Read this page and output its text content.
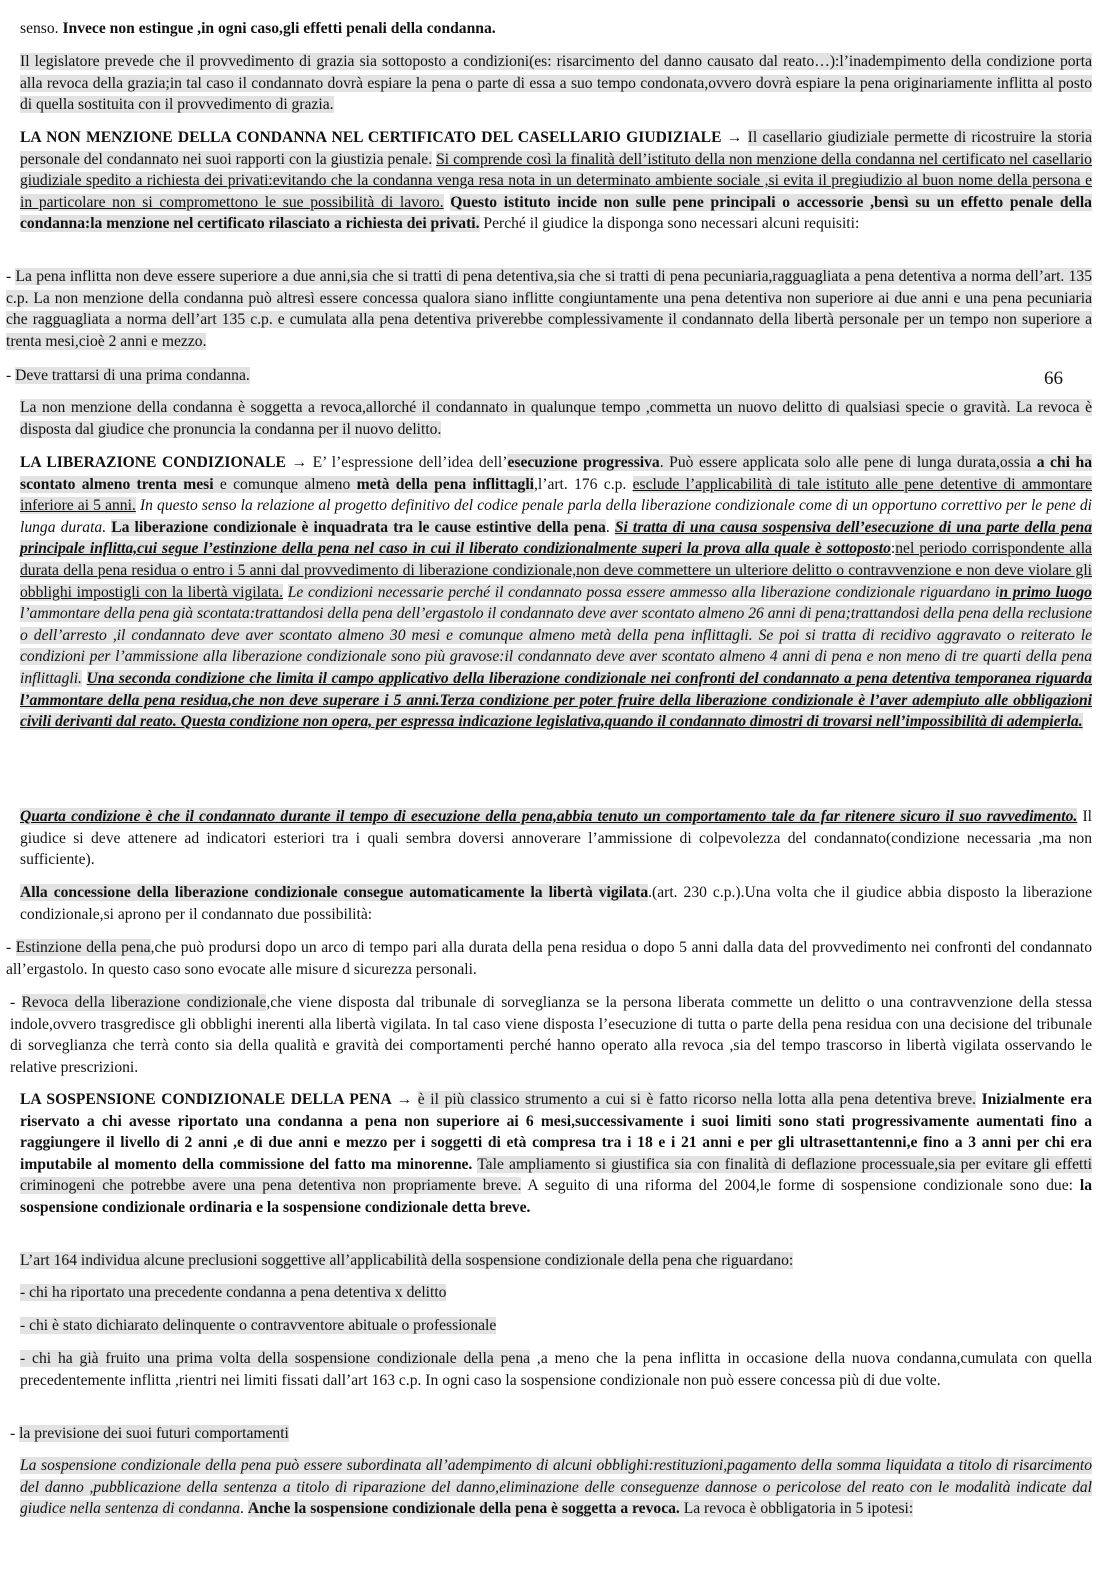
66
senso. Invece non estingue ,in ogni caso,gli effetti penali della condanna.
Il legislatore prevede che il provvedimento di grazia sia sottoposto a condizioni(es: risarcimento del danno causato dal reato…):l’inadempimento della condizione porta alla revoca della grazia;in tal caso il condannato dovrà espiare la pena o parte di essa a suo tempo condonata,ovvero dovrà espiare la pena originariamente inflitta al posto di quella sostituita con il provvedimento di grazia.
LA NON MENZIONE DELLA CONDANNA NEL CERTIFICATO DEL CASELLARIO GIUDIZIALE → Il casellario giudiziale permette di ricostruire la storia personale del condannato nei suoi rapporti con la giustizia penale. Si comprende così la finalità dell’istituto della non menzione della condanna nel certificato nel casellario giudiziale spedito a richiesta dei privati:evitando che la condanna venga resa nota in un determinato ambiente sociale ,si evita il pregiudizio al buon nome della persona e in particolare non si compromettono le sue possibilità di lavoro. Questo istituto incide non sulle pene principali o accessorie ,bensì su un effetto penale della condanna:la menzione nel certificato rilasciato a richiesta dei privati. Perché il giudice la disponga sono necessari alcuni requisiti:
- La pena inflitta non deve essere superiore a due anni,sia che si tratti di pena detentiva,sia che si tratti di pena pecuniaria,ragguagliata a pena detentiva a norma dell’art. 135 c.p. La non menzione della condanna può altresì essere concessa qualora siano inflitte congiuntamente una pena detentiva non superiore ai due anni e una pena pecuniaria che ragguagliata a norma dell’art 135 c.p. e cumulata alla pena detentiva priverebbe complessivamente il condannato della libertà personale per un tempo non superiore a trenta mesi,cioè 2 anni e mezzo.
- Deve trattarsi di una prima condanna.
La non menzione della condanna è soggetta a revoca,allorché il condannato in qualunque tempo ,commetta un nuovo delitto di qualsiasi specie o gravità. La revoca è disposta dal giudice che pronuncia la condanna per il nuovo delitto.
LA LIBERAZIONE CONDIZIONALE → E’ l’espressione dell’idea dell’esecuzione progressiva. Può essere applicata solo alle pene di lunga durata,ossia a chi ha scontato almeno trenta mesi e comunque almeno metà della pena inflittagli,l’art. 176 c.p. esclude l’applicabilità di tale istituto alle pene detentive di ammontare inferiore ai 5 anni. In questo senso la relazione al progetto definitivo del codice penale parla della liberazione condizionale come di un opportuno correttivo per le pene di lunga durata. La liberazione condizionale è inquadrata tra le cause estintive della pena. Si tratta di una causa sospensiva dell’esecuzione di una parte della pena principale inflitta,cui segue l’estinzione della pena nel caso in cui il liberato condizionalmente superi la prova alla quale è sottoposto:nel periodo corrispondente alla durata della pena residua o entro i 5 anni dal provvedimento di liberazione condizionale,non deve commettere un ulteriore delitto o contravvenzione e non deve violare gli obblighi impostigli con la libertà vigilata. Le condizioni necessarie perché il condannato possa essere ammesso alla liberazione condizionale riguardano in primo luogo l’ammontare della pena già scontata:trattandosi della pena dell’ergastolo il condannato deve aver scontato almeno 26 anni di pena;trattandosi della pena della reclusione o dell’arresto ,il condannato deve aver scontato almeno 30 mesi e comunque almeno metà della pena inflittagli. Se poi si tratta di recidivo aggravato o reiterato le condizioni per l’ammissione alla liberazione condizionale sono più gravose:il condannato deve aver scontato almeno 4 anni di pena e non meno di tre quarti della pena inflittagli. Una seconda condizione che limita il campo applicativo della liberazione condizionale nei confronti del condannato a pena detentiva temporanea riguarda l’ammontare della pena residua,che non deve superare i 5 anni.Terza condizione per poter fruire della liberazione condizionale è l’aver adempiuto alle obbligazioni civili derivanti dal reato. Questa condizione non opera, per espressa indicazione legislativa,quando il condannato dimostri di trovarsi nell’impossibilità di adempierla.
Quarta condizione è che il condannato durante il tempo di esecuzione della pena,abbia tenuto un comportamento tale da far ritenere sicuro il suo ravvedimento. Il giudice si deve attenere ad indicatori esteriori tra i quali sembra doversi annoverare l’ammissione di colpevolezza del condannato(condizione necessaria ,ma non sufficiente).
Alla concessione della liberazione condizionale consegue automaticamente la libertà vigilata.(art. 230 c.p.).Una volta che il giudice abbia disposto la liberazione condizionale,si aprono per il condannato due possibilità:
- Estinzione della pena,che può prodursi dopo un arco di tempo pari alla durata della pena residua o dopo 5 anni dalla data del provvedimento nei confronti del condannato all’ergastolo. In questo caso sono evocate alle misure d sicurezza personali.
- Revoca della liberazione condizionale,che viene disposta dal tribunale di sorveglianza se la persona liberata commette un delitto o una contravvenzione della stessa indole,ovvero trasgredisce gli obblighi inerenti alla libertà vigilata. In tal caso viene disposta l’esecuzione di tutta o parte della pena residua con una decisione del tribunale di sorveglianza che terrà conto sia della qualità e gravità dei comportamenti perché hanno operato alla revoca ,sia del tempo trascorso in libertà vigilata osservando le relative prescrizioni.
LA SOSPENSIONE CONDIZIONALE DELLA PENA → è il più classico strumento a cui si è fatto ricorso nella lotta alla pena detentiva breve. Inizialmente era riservato a chi avesse riportato una condanna a pena non superiore ai 6 mesi,successivamente i suoi limiti sono stati progressivamente aumentati fino a raggiungere il livello di 2 anni ,e di due anni e mezzo per i soggetti di età compresa tra i 18 e i 21 anni e per gli ultrasettantenni,e fino a 3 anni per chi era imputabile al momento della commissione del fatto ma minorenne. Tale ampliamento si giustifica sia con finalità di deflazione processuale,sia per evitare gli effetti criminogeni che potrebbe avere una pena detentiva non propriamente breve. A seguito di una riforma del 2004,le forme di sospensione condizionale sono due: la sospensione condizionale ordinaria e la sospensione condizionale detta breve.
L’art 164 individua alcune preclusioni soggettive all’applicabilità della sospensione condizionale della pena che riguardano:
- chi ha riportato una precedente condanna a pena detentiva x delitto
- chi è stato dichiarato delinquente o contravventore abituale o professionale
- chi ha già fruito una prima volta della sospensione condizionale della pena ,a meno che la pena inflitta in occasione della nuova condanna,cumulata con quella precedentemente inflitta ,rientri nei limiti fissati dall’art 163 c.p. In ogni caso la sospensione condizionale non può essere concessa più di due volte.
- la previsione dei suoi futuri comportamenti
La sospensione condizionale della pena può essere subordinata all’adempimento di alcuni obblighi:restituzioni,pagamento della somma liquidata a titolo di risarcimento del danno ,pubblicazione della sentenza a titolo di riparazione del danno,eliminazione delle conseguenze dannose o pericolose del reato con le modalità indicate dal giudice nella sentenza di condanna. Anche la sospensione condizionale della pena è soggetta a revoca. La revoca è obbligatoria in 5 ipotesi:
